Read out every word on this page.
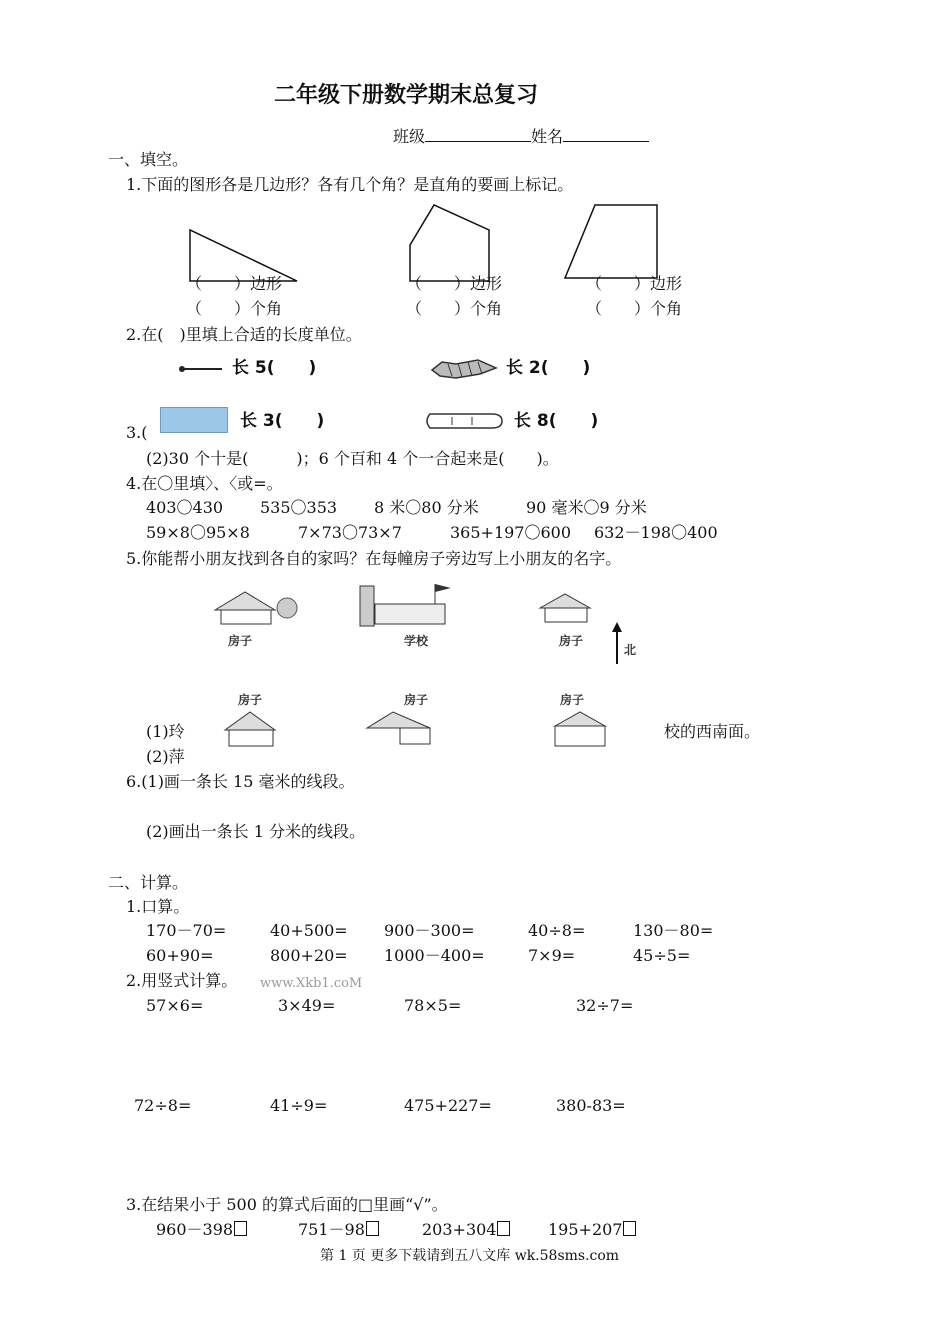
二年级下册数学期末总复习
班级	姓名
一、填空。
1.下面的图形各是几边形？各有几个角？是直角的要画上标记。
（　　）边形
（　　）个角
（　　）边形
（　　）个角
（　　）边形
（　　）个角
2.在(　)里填上合适的长度单位。
长 5(　　)	长 2(　　)
长 3(　　)	长 8(　　)
3.(
(2)30 个十是(　　　)；6 个百和 4 个一合起来是(　　)。
4.在〇里填〉、〈或=。
403〇430 535〇353 8 米〇80 分米	90 毫米〇9 分米
59×8〇95×8	7×73〇73×7	365+197〇600 632－198〇400
5.你能帮小朋友找到各自的家吗？在每幢房子旁边写上小朋友的名字。
房子	学校	房子
北
房子	房子	房子
(1)玲	校的西南面。
(2)萍
6.(1)画一条长 15 毫米的线段。
(2)画出一条长 1 分米的线段。
二、计算。
1.口算。
170－70=	40+500= 900－300=	40÷8=	130－80=
60+90=	800+20= 1000－400=	7×9=	45÷5=
2.用竖式计算。 www.Xkb1.coM
57×6=	3×49=	78×5=	32÷7=
72÷8=	41÷9=	475+227=	380-83=
3.在结果小于 500 的算式后面的□里画“√”。
960－398	751－98	203+304	195+207
第 1 页 更多下载请到五八文库 wk.58sms.com
